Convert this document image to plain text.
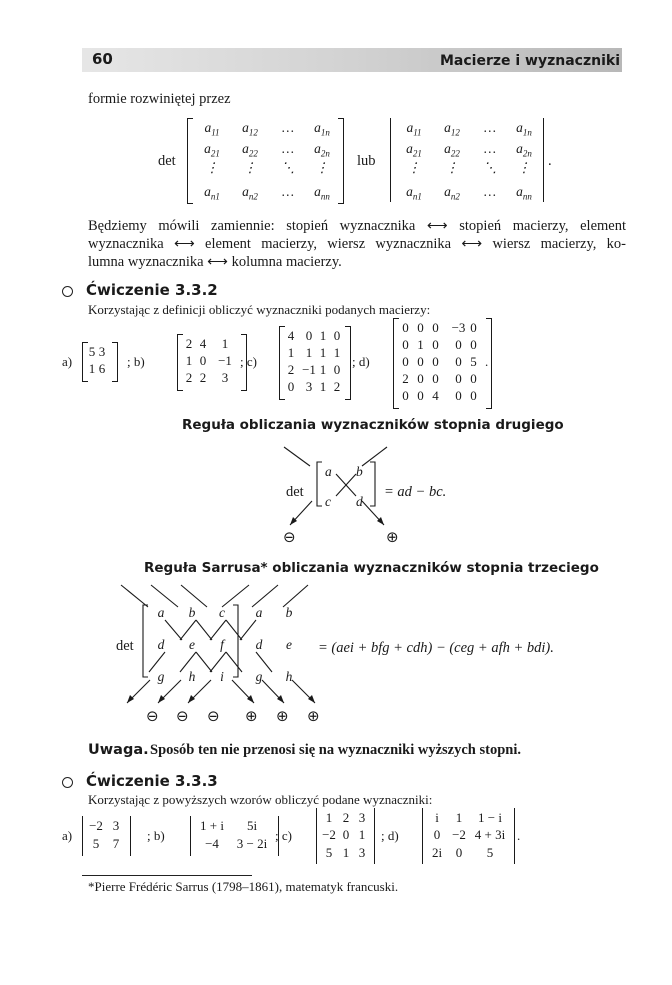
60	Macierze i wyznaczniki
formie rozwiniętej przez
det	lub
$a_{11}$	$a_{12}$	…	$a_{1n}$
$a_{21}$	$a_{22}$	…	$a_{2n}$
⋮	⋮	⋱	⋮
$a_{n1}$	$a_{n2}$	…	$a_{nn}$
$a_{11}$	$a_{12}$	…	$a_{1n}$
$a_{21}$	$a_{22}$	…	$a_{2n}$
⋮	⋮	⋱	⋮
$a_{n1}$	$a_{n2}$	…	$a_{nn}$
.
Będziemy mówili zamiennie: stopień wyznacznika ⟷ stopień macierzy, element
wyznacznika ⟷ element macierzy, wiersz wyznacznika ⟷ wiersz macierzy, ko-
lumna wyznacznika ⟷ kolumna macierzy.
Ćwiczenie 3.3.2
Korzystając z definicji obliczyć wyznaczniki podanych macierzy:
a)	; b)	; c)	; d)	.
5 3
1 6
2 4 1
1 0 −1
2 2 3
4 0 1 0
1 1 1 1
2 −1 1 0
0 3 1 2
0 0 0 −3 0
0 1 0	0 0
0 0 0	0 5
2 0 0	0 0
0 0 4	0 0
Reguła obliczania wyznaczników stopnia drugiego
det
a b
c d
= ad − bc.
⊖	⊕
Reguła Sarrusa* obliczania wyznaczników stopnia trzeciego
det
a b c
d e	f
g h	i
a b
d e
g h
= (aei + bfg + cdh) − (ceg + afh + bdi).
⊖ ⊖ ⊖ ⊕ ⊕ ⊕
Uwaga. Sposób ten nie przenosi się na wyznaczniki wyższych stopni.
Ćwiczenie 3.3.3
Korzystając z powyższych wzorów obliczyć podane wyznaczniki:
a)	; b)	; c)	; d)	.
−2 3
5	7
1 + i	5i
−4	3 − 2i
1 2 3
−2 0 1
5 1 3
i	1	1 − i
0 −2 4 + 3i
2i	0	5
*Pierre Frédéric Sarrus (1798–1861), matematyk francuski.
